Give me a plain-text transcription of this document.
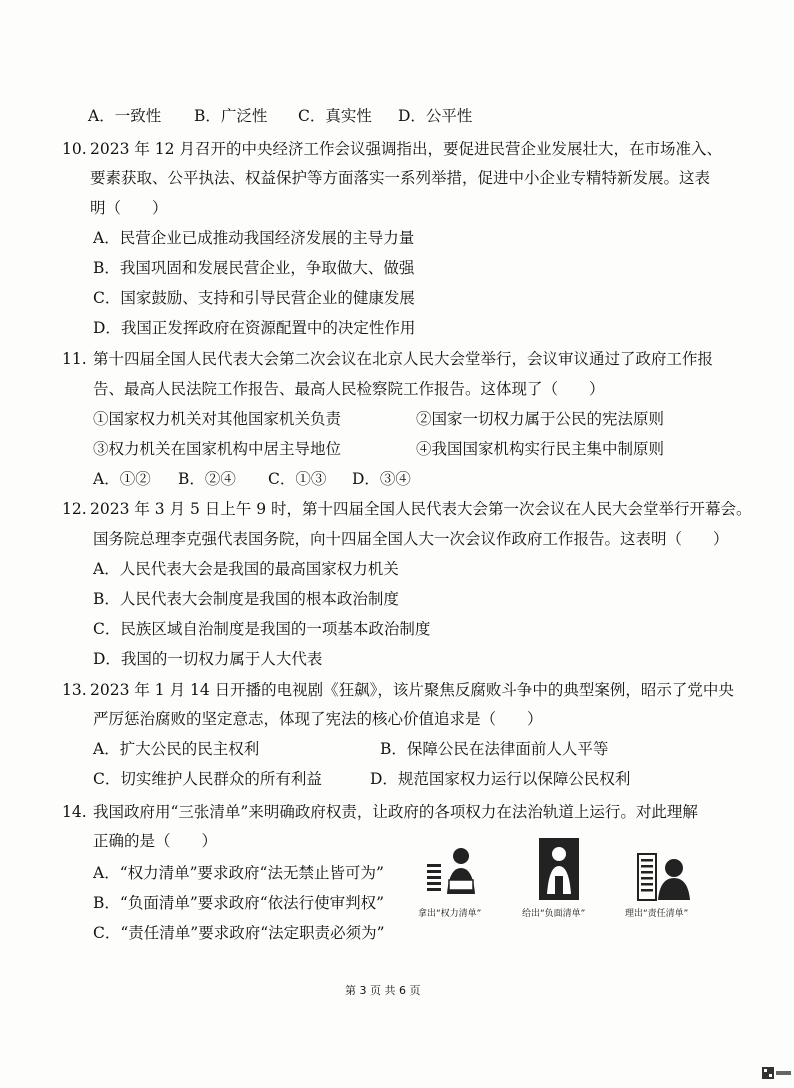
A．一致性 B．广泛性 C．真实性 D．公平性
10. 2023 年 12 月召开的中央经济工作会议强调指出，要促进民营企业发展壮大，在市场准入、
要素获取、公平执法、权益保护等方面落实一系列举措，促进中小企业专精特新发展。这表
明（　　）
A．民营企业已成推动我国经济发展的主导力量
B．我国巩固和发展民营企业，争取做大、做强
C．国家鼓励、支持和引导民营企业的健康发展
D．我国正发挥政府在资源配置中的决定性作用
11. 第十四届全国人民代表大会第二次会议在北京人民大会堂举行，会议审议通过了政府工作报
告、最高人民法院工作报告、最高人民检察院工作报告。这体现了（　　）
①国家权力机关对其他国家机关负责	②国家一切权力属于公民的宪法原则
③权力机关在国家机构中居主导地位	④我国国家机构实行民主集中制原则
A．①② B．②④ C．①③ D．③④
12. 2023 年 3 月 5 日上午 9 时，第十四届全国人民代表大会第一次会议在人民大会堂举行开幕会。
国务院总理李克强代表国务院，向十四届全国人大一次会议作政府工作报告。这表明（　　）
A．人民代表大会是我国的最高国家权力机关
B．人民代表大会制度是我国的根本政治制度
C．民族区域自治制度是我国的一项基本政治制度
D．我国的一切权力属于人大代表
13. 2023 年 1 月 14 日开播的电视剧《狂飙》，该片聚焦反腐败斗争中的典型案例，昭示了党中央
严厉惩治腐败的坚定意志，体现了宪法的核心价值追求是（　　）
A．扩大公民的民主权利	B．保障公民在法律面前人人平等
C．切实维护人民群众的所有利益	D．规范国家权力运行以保障公民权利
14. 我国政府用“三张清单”来明确政府权责，让政府的各项权力在法治轨道上运行。对此理解
正确的是（　　）
A．“权力清单”要求政府“法无禁止皆可为”
B．“负面清单”要求政府“依法行使审判权”
C．“责任清单”要求政府“法定职责必须为”
拿出“权力清单”	给出“负面清单”	理出“责任清单”
第 3 页 共 6 页
